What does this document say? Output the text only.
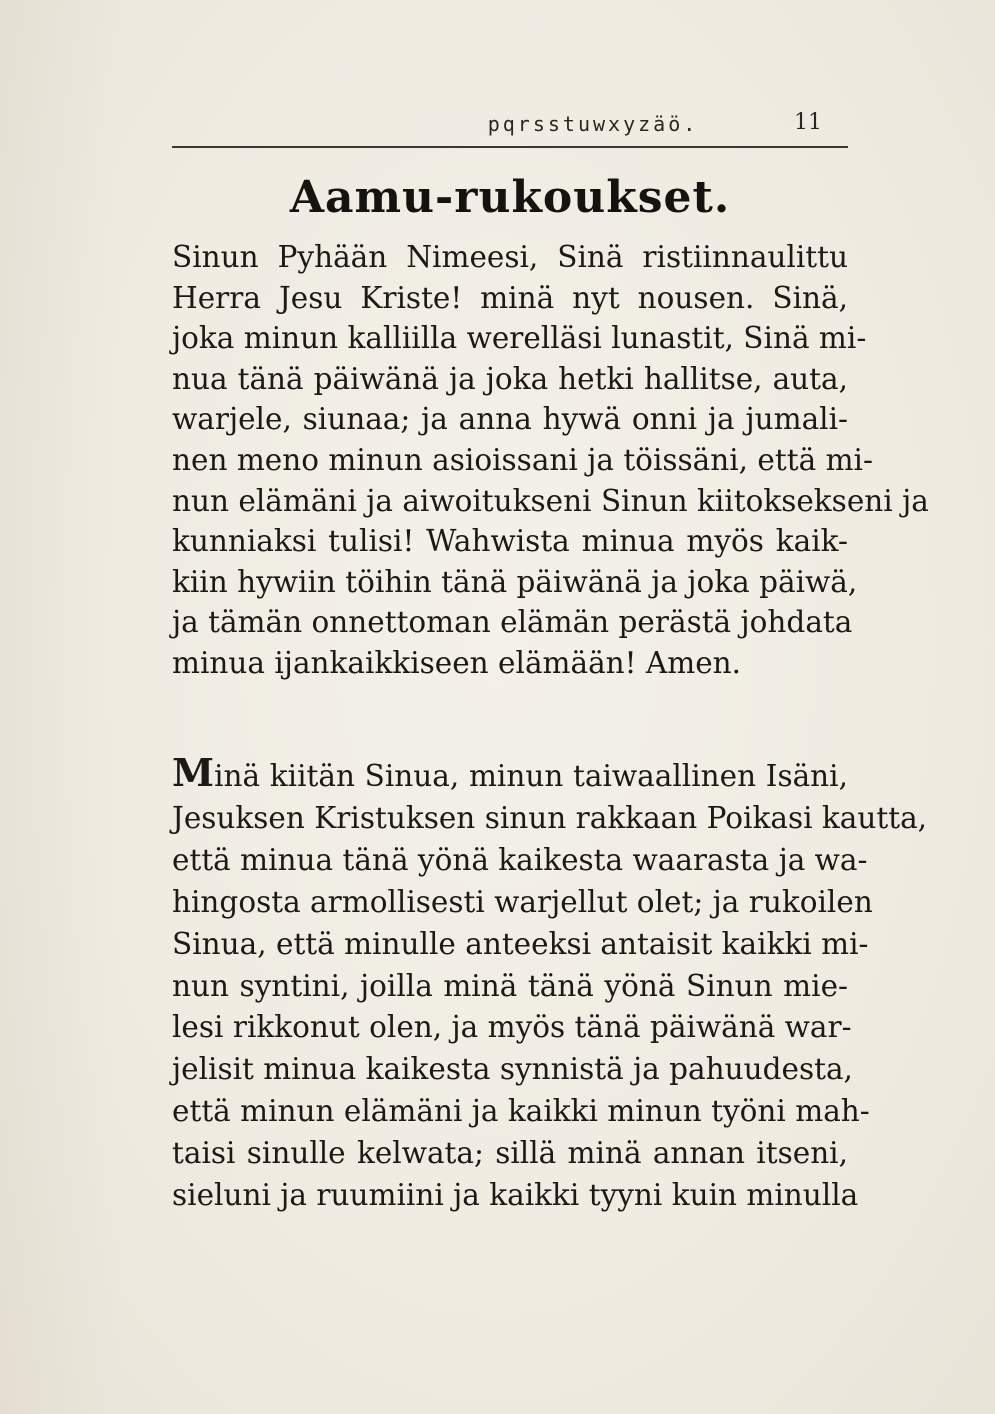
pqrsstuwxyzäö.	11
Aamu-rukoukset.
Sinun Pyhään Nimeesi, Sinä ristiinnaulittu
Herra Jesu Kriste! minä nyt nousen. Sinä,
joka minun kalliilla werelläsi lunastit, Sinä mi-
nua tänä päiwänä ja joka hetki hallitse, auta,
warjele, siunaa; ja anna hywä onni ja jumali-
nen meno minun asioissani ja töissäni, että mi-
nun elämäni ja aiwoitukseni Sinun kiitoksekseni ja
kunniaksi tulisi! Wahwista minua myös kaik-
kiin hywiin töihin tänä päiwänä ja joka päiwä,
ja tämän onnettoman elämän perästä johdata
minua ijankaikkiseen elämään! Amen.
Minä kiitän Sinua, minun taiwaallinen Isäni,
Jesuksen Kristuksen sinun rakkaan Poikasi kautta,
että minua tänä yönä kaikesta waarasta ja wa-
hingosta armollisesti warjellut olet; ja rukoilen
Sinua, että minulle anteeksi antaisit kaikki mi-
nun syntini, joilla minä tänä yönä Sinun mie-
lesi rikkonut olen, ja myös tänä päiwänä war-
jelisit minua kaikesta synnistä ja pahuudesta,
että minun elämäni ja kaikki minun työni mah-
taisi sinulle kelwata; sillä minä annan itseni,
sieluni ja ruumiini ja kaikki tyyni kuin minulla
